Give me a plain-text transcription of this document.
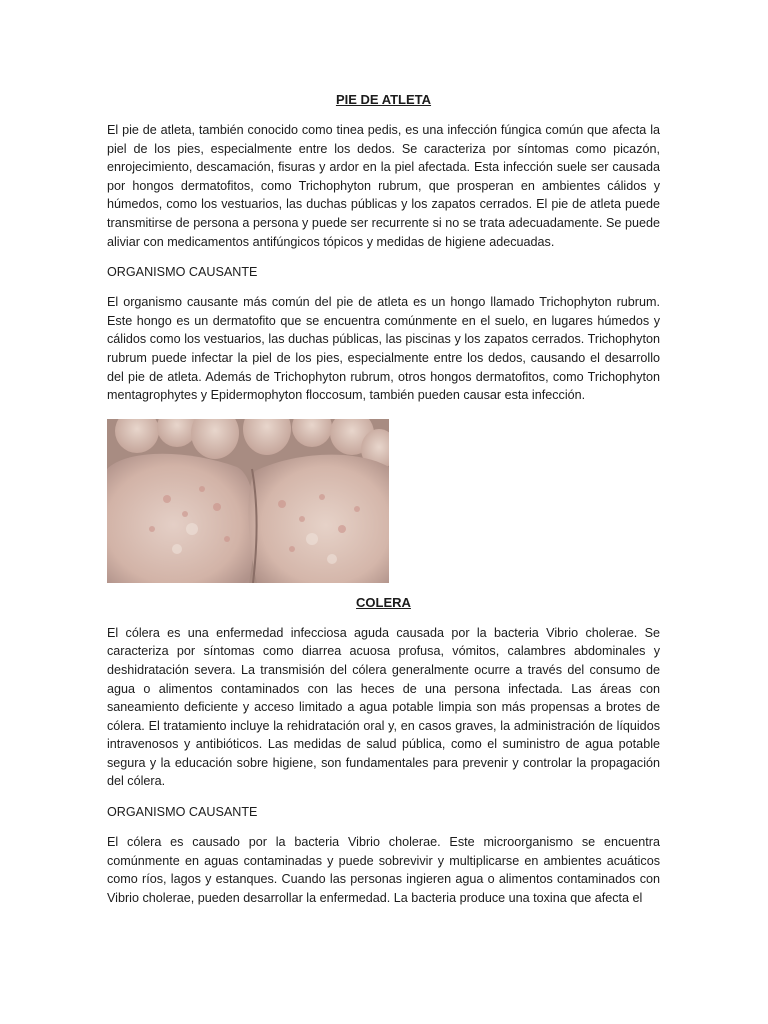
PIE DE ATLETA

El pie de atleta, también conocido como tinea pedis, es una infección fúngica común que afecta la piel de los pies, especialmente entre los dedos. Se caracteriza por síntomas como picazón, enrojecimiento, descamación, fisuras y ardor en la piel afectada. Esta infección suele ser causada por hongos dermatofitos, como Trichophyton rubrum, que prosperan en ambientes cálidos y húmedos, como los vestuarios, las duchas públicas y los zapatos cerrados. El pie de atleta puede transmitirse de persona a persona y puede ser recurrente si no se trata adecuadamente. Se puede aliviar con medicamentos antifúngicos tópicos y medidas de higiene adecuadas.

ORGANISMO CAUSANTE

El organismo causante más común del pie de atleta es un hongo llamado Trichophyton rubrum. Este hongo es un dermatofito que se encuentra comúnmente en el suelo, en lugares húmedos y cálidos como los vestuarios, las duchas públicas, las piscinas y los zapatos cerrados. Trichophyton rubrum puede infectar la piel de los pies, especialmente entre los dedos, causando el desarrollo del pie de atleta. Además de Trichophyton rubrum, otros hongos dermatofitos, como Trichophyton mentagrophytes y Epidermophyton floccosum, también pueden causar esta infección.

COLERA

El cólera es una enfermedad infecciosa aguda causada por la bacteria Vibrio cholerae. Se caracteriza por síntomas como diarrea acuosa profusa, vómitos, calambres abdominales y deshidratación severa. La transmisión del cólera generalmente ocurre a través del consumo de agua o alimentos contaminados con las heces de una persona infectada. Las áreas con saneamiento deficiente y acceso limitado a agua potable limpia son más propensas a brotes de cólera. El tratamiento incluye la rehidratación oral y, en casos graves, la administración de líquidos intravenosos y antibióticos. Las medidas de salud pública, como el suministro de agua potable segura y la educación sobre higiene, son fundamentales para prevenir y controlar la propagación del cólera.

ORGANISMO CAUSANTE

El cólera es causado por la bacteria Vibrio cholerae. Este microorganismo se encuentra comúnmente en aguas contaminadas y puede sobrevivir y multiplicarse en ambientes acuáticos como ríos, lagos y estanques. Cuando las personas ingieren agua o alimentos contaminados con Vibrio cholerae, pueden desarrollar la enfermedad. La bacteria produce una toxina que afecta el
